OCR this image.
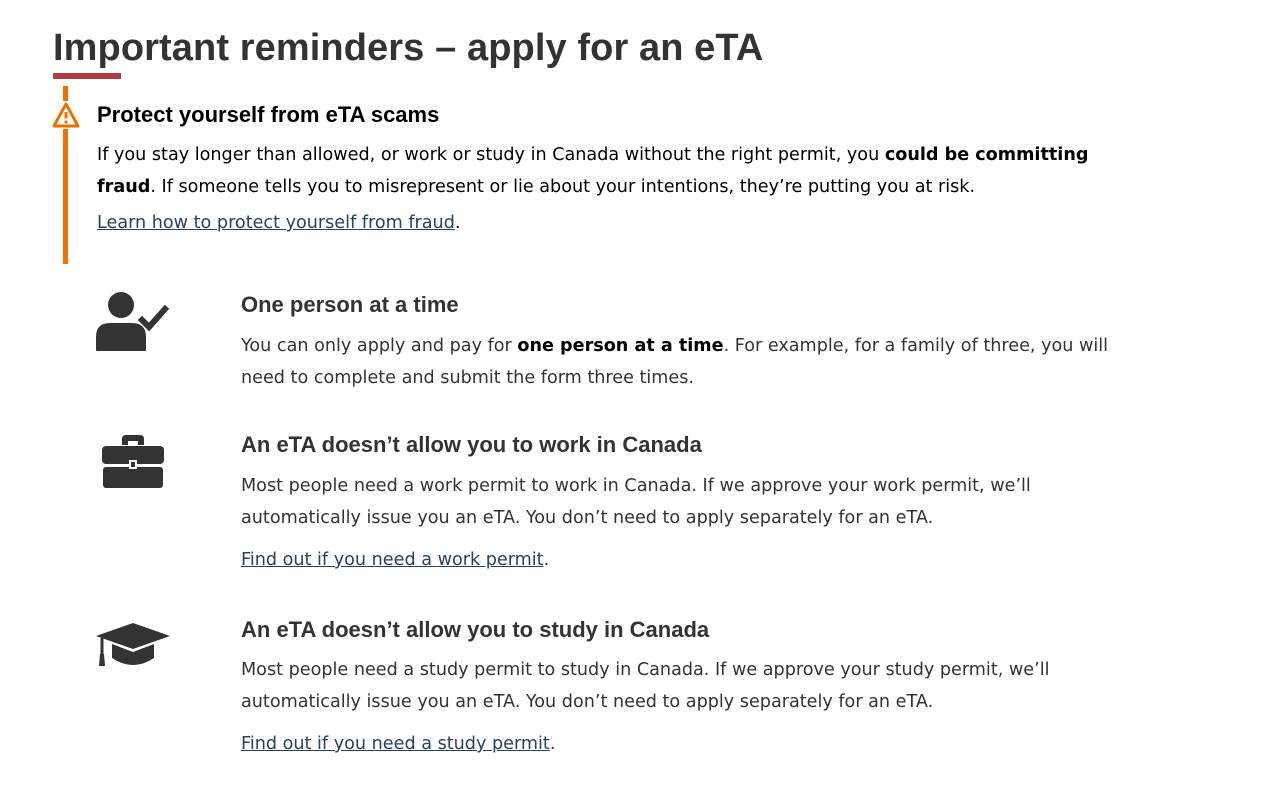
Important reminders – apply for an eTA
Protect yourself from eTA scams

If you stay longer than allowed, or work or study in Canada without the right permit, you could be committing fraud. If someone tells you to misrepresent or lie about your intentions, they’re putting you at risk.

Learn how to protect yourself from fraud.

One person at a time

You can only apply and pay for one person at a time. For example, for a family of three, you will need to complete and submit the form three times.

An eTA doesn’t allow you to work in Canada

Most people need a work permit to work in Canada. If we approve your work permit, we’ll automatically issue you an eTA. You don’t need to apply separately for an eTA.

Find out if you need a work permit.

An eTA doesn’t allow you to study in Canada

Most people need a study permit to study in Canada. If we approve your study permit, we’ll automatically issue you an eTA. You don’t need to apply separately for an eTA.

Find out if you need a study permit.
